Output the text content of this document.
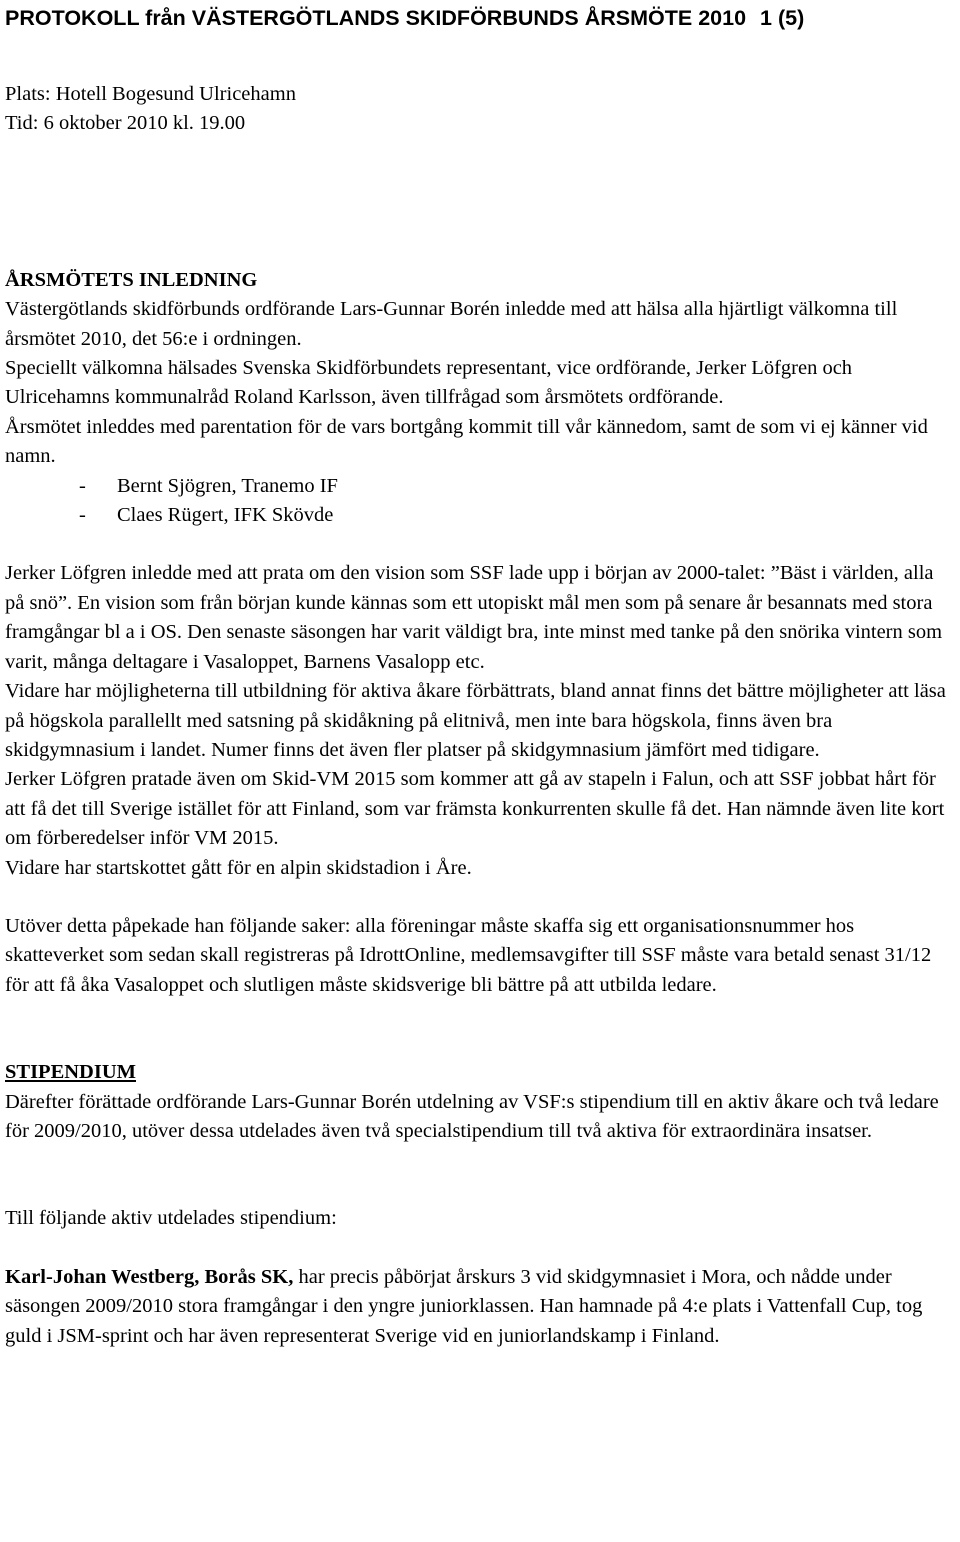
PROTOKOLL från VÄSTERGÖTLANDS SKIDFÖRBUNDS ÅRSMÖTE 2010 1 (5)

Plats: Hotell Bogesund Ulricehamn

Tid: 6 oktober 2010 kl. 19.00

ÅRSMÖTETS INLEDNING

Västergötlands skidförbunds ordförande Lars-Gunnar Borén inledde med att hälsa alla hjärtligt välkomna till årsmötet 2010, det 56:e i ordningen.

Speciellt välkomna hälsades Svenska Skidförbundets representant, vice ordförande, Jerker Löfgren och Ulricehamns kommunalråd Roland Karlsson, även tillfrågad som årsmötets ordförande.

Årsmötet inleddes med parentation för de vars bortgång kommit till vår kännedom, samt de som vi ej känner vid namn.

- Bernt Sjögren, Tranemo IF
- Claes Rügert, IFK Skövde

Jerker Löfgren inledde med att prata om den vision som SSF lade upp i början av 2000-talet: ”Bäst i världen, alla på snö”. En vision som från början kunde kännas som ett utopiskt mål men som på senare år besannats med stora framgångar bl a i OS. Den senaste säsongen har varit väldigt bra, inte minst med tanke på den snörika vintern som varit, många deltagare i Vasaloppet, Barnens Vasalopp etc.

Vidare har möjligheterna till utbildning för aktiva åkare förbättrats, bland annat finns det bättre möjligheter att läsa på högskola parallellt med satsning på skidåkning på elitnivå, men inte bara högskola, finns även bra skidgymnasium i landet. Numer finns det även fler platser på skidgymnasium jämfört med tidigare.

Jerker Löfgren pratade även om Skid-VM 2015 som kommer att gå av stapeln i Falun, och att SSF jobbat hårt för att få det till Sverige istället för att Finland, som var främsta konkurrenten skulle få det. Han nämnde även lite kort om förberedelser inför VM 2015.

Vidare har startskottet gått för en alpin skidstadion i Åre.

Utöver detta påpekade han följande saker: alla föreningar måste skaffa sig ett organisationsnummer hos skatteverket som sedan skall registreras på IdrottOnline, medlemsavgifter till SSF måste vara betald senast 31/12 för att få åka Vasaloppet och slutligen måste skidsverige bli bättre på att utbilda ledare.

STIPENDIUM

Därefter förättade ordförande Lars-Gunnar Borén utdelning av VSF:s stipendium till en aktiv åkare och två ledare för 2009/2010, utöver dessa utdelades även två specialstipendium till två aktiva för extraordinära insatser.

Till följande aktiv utdelades stipendium:

Karl-Johan Westberg, Borås SK, har precis påbörjat årskurs 3 vid skidgymnasiet i Mora, och nådde under säsongen 2009/2010 stora framgångar i den yngre juniorklassen. Han hamnade på 4:e plats i Vattenfall Cup, tog guld i JSM-sprint och har även representerat Sverige vid en juniorlandskamp i Finland.
